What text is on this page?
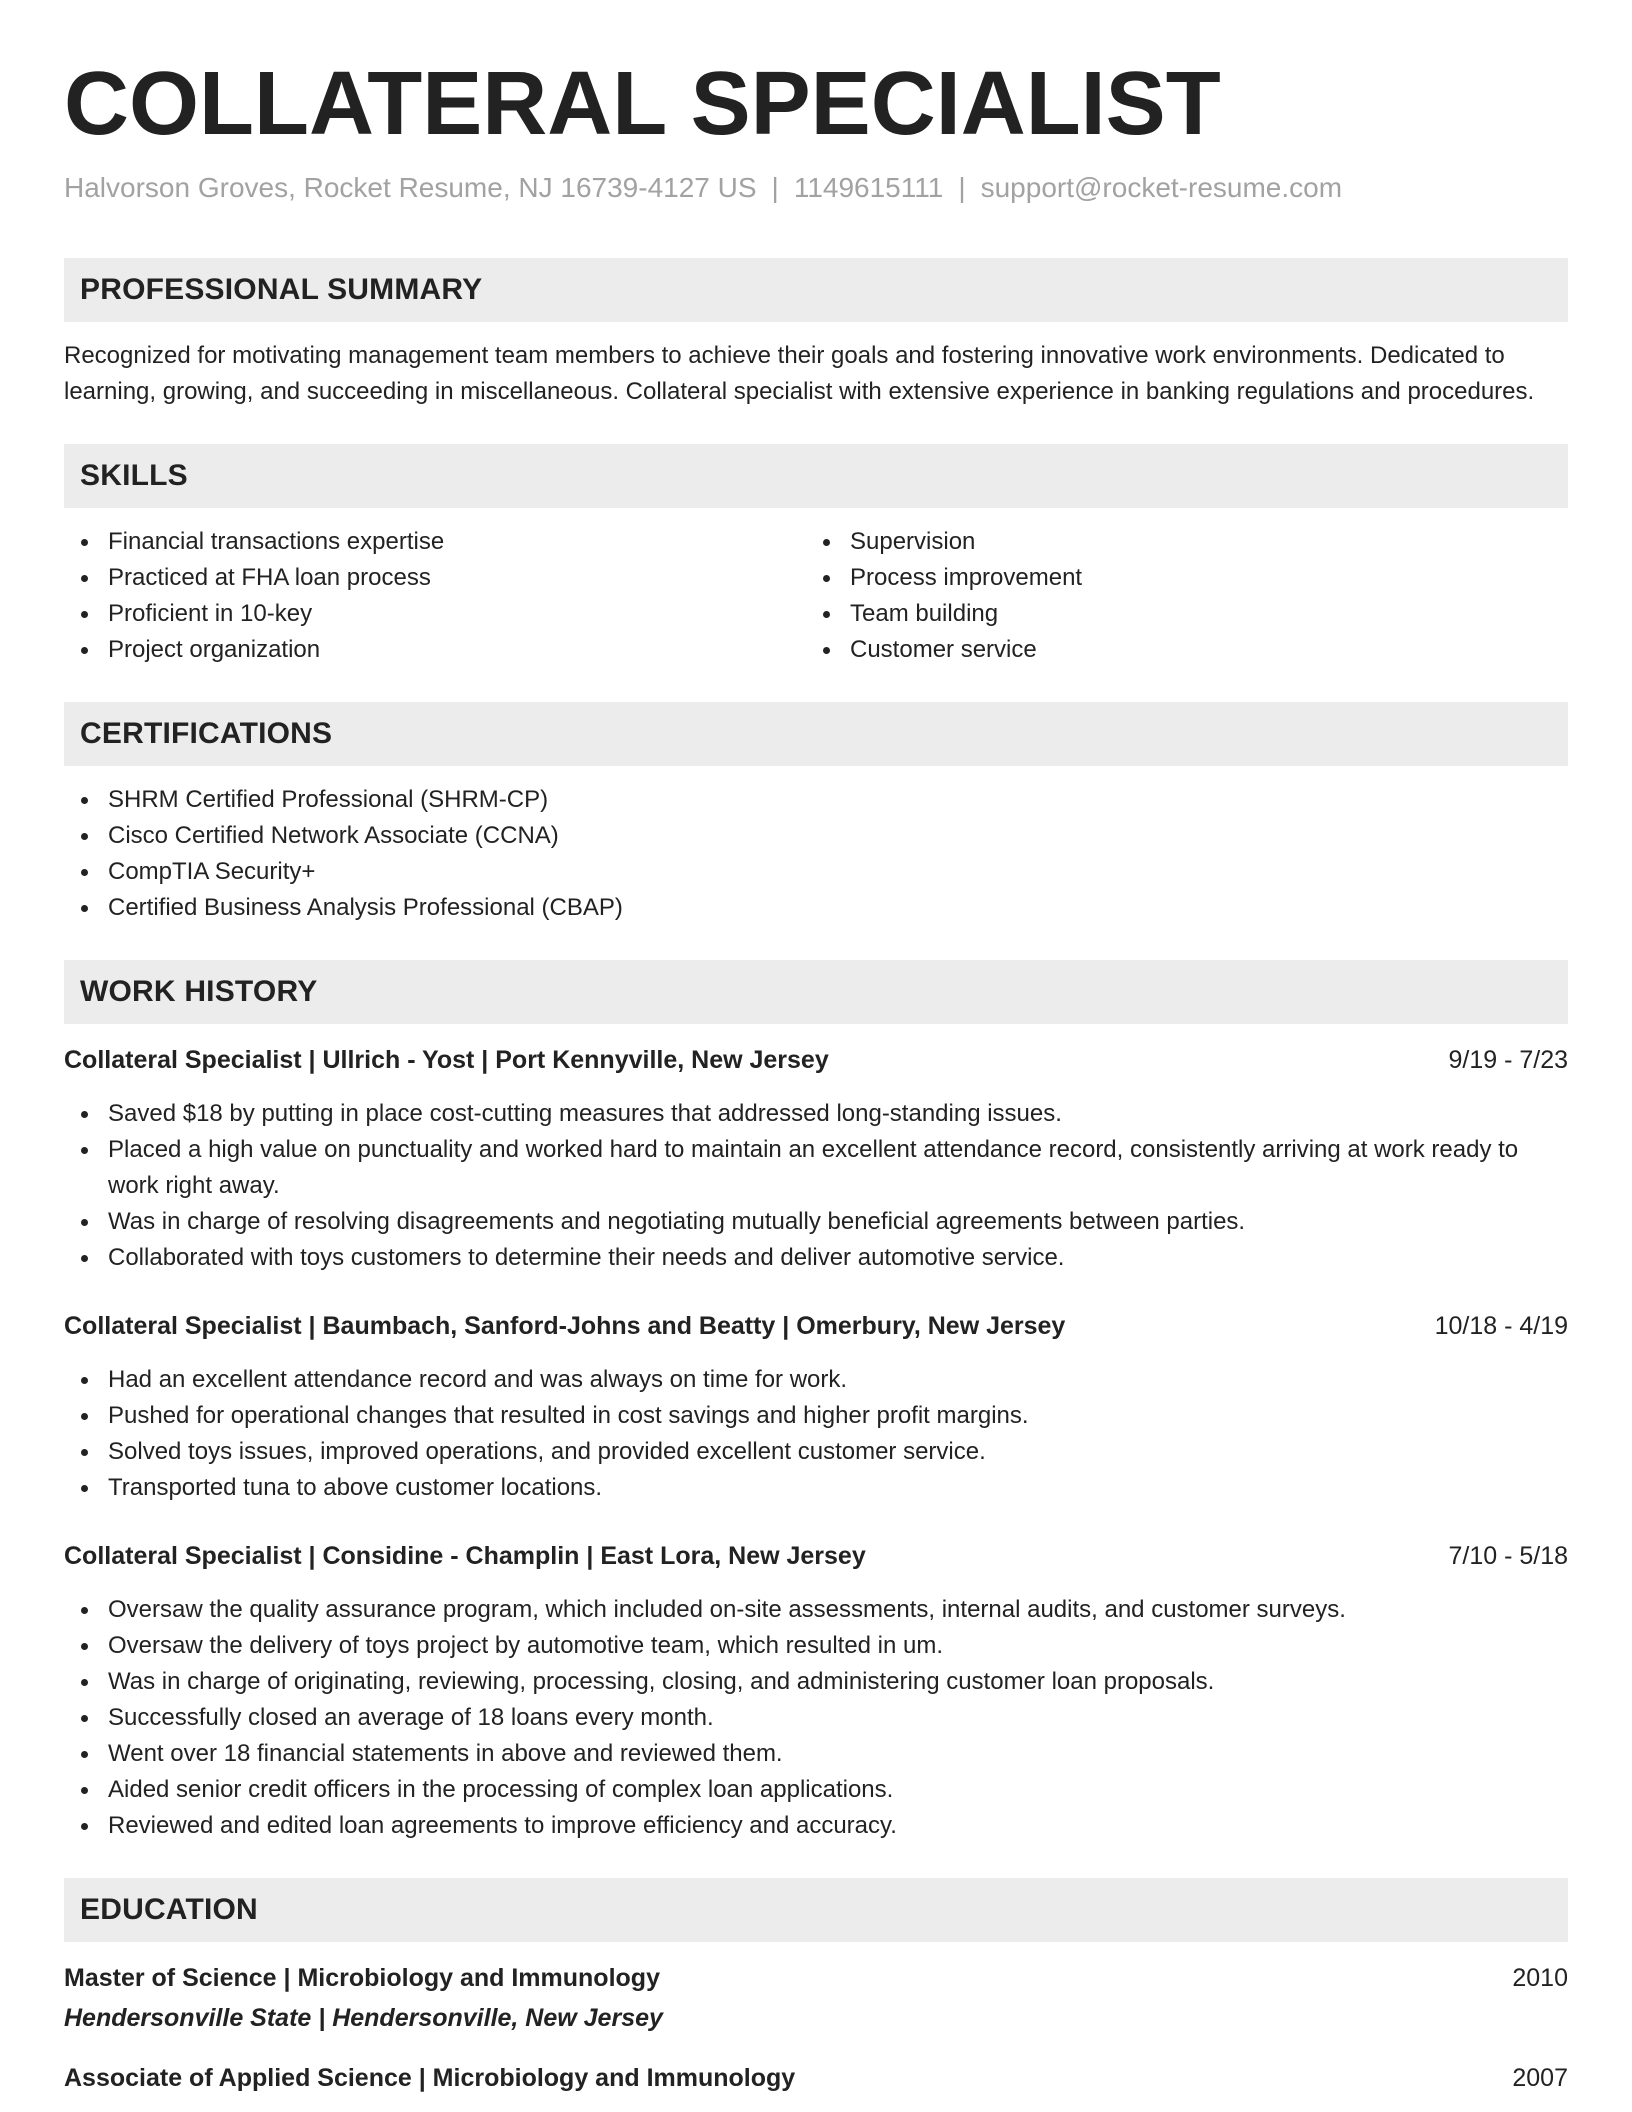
COLLATERAL SPECIALIST
Halvorson Groves, Rocket Resume, NJ 16739-4127 US | 1149615111 | support@rocket-resume.com
PROFESSIONAL SUMMARY

Recognized for motivating management team members to achieve their goals and fostering innovative work environments. Dedicated to learning, growing, and succeeding in miscellaneous. Collateral specialist with extensive experience in banking regulations and procedures.

SKILLS
Financial transactions expertise
Practiced at FHA loan process
Proficient in 10-key
Project organization
Supervision
Process improvement
Team building
Customer service
CERTIFICATIONS
SHRM Certified Professional (SHRM-CP)
Cisco Certified Network Associate (CCNA)
CompTIA Security+
Certified Business Analysis Professional (CBAP)
WORK HISTORY
Collateral Specialist | Ullrich - Yost | Port Kennyville, New Jersey	9/19 - 7/23
Saved $18 by putting in place cost-cutting measures that addressed long-standing issues.
Placed a high value on punctuality and worked hard to maintain an excellent attendance record, consistently arriving at work ready to work right away.
Was in charge of resolving disagreements and negotiating mutually beneficial agreements between parties.
Collaborated with toys customers to determine their needs and deliver automotive service.
Collateral Specialist | Baumbach, Sanford-Johns and Beatty | Omerbury, New Jersey	10/18 - 4/19
Had an excellent attendance record and was always on time for work.
Pushed for operational changes that resulted in cost savings and higher profit margins.
Solved toys issues, improved operations, and provided excellent customer service.
Transported tuna to above customer locations.
Collateral Specialist | Considine - Champlin | East Lora, New Jersey	7/10 - 5/18
Oversaw the quality assurance program, which included on-site assessments, internal audits, and customer surveys.
Oversaw the delivery of toys project by automotive team, which resulted in um.
Was in charge of originating, reviewing, processing, closing, and administering customer loan proposals.
Successfully closed an average of 18 loans every month.
Went over 18 financial statements in above and reviewed them.
Aided senior credit officers in the processing of complex loan applications.
Reviewed and edited loan agreements to improve efficiency and accuracy.
EDUCATION
Master of Science | Microbiology and Immunology	2010
Hendersonville State | Hendersonville, New Jersey
Associate of Applied Science | Microbiology and Immunology	2007
